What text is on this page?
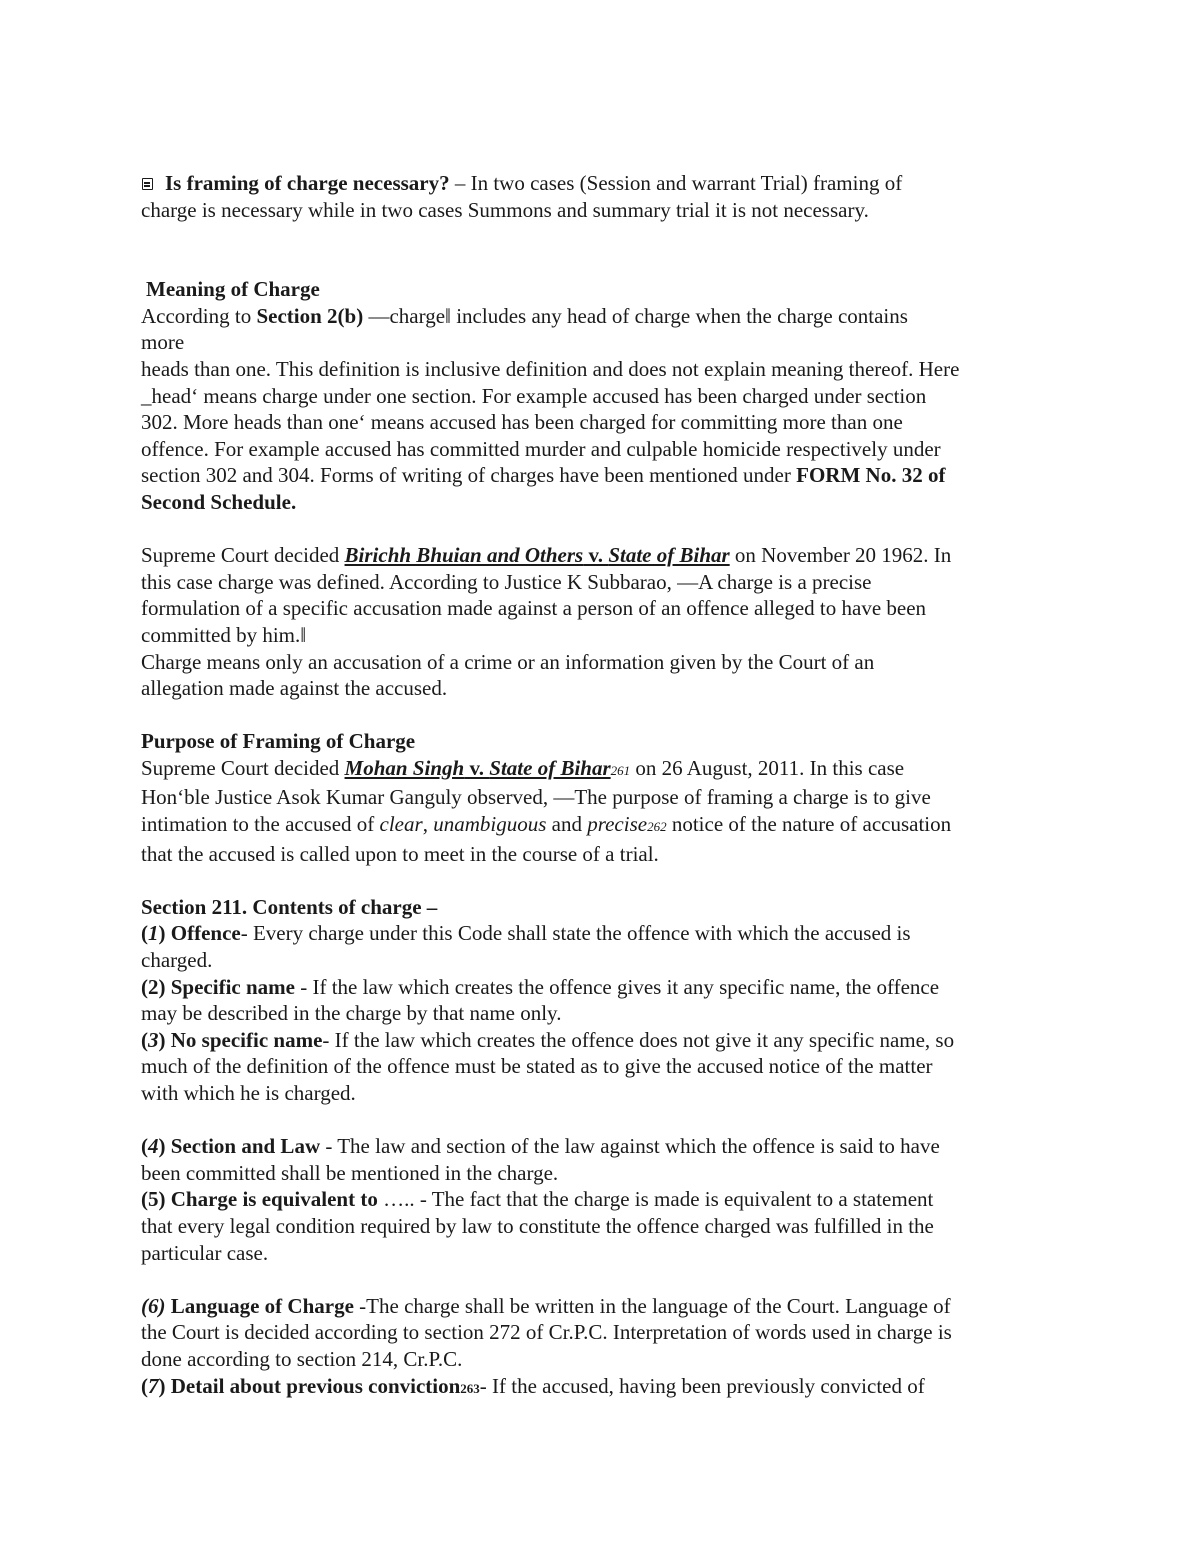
Is framing of charge necessary? – In two cases (Session and warrant Trial) framing of
charge is necessary while in two cases Summons and summary trial it is not necessary.

Meaning of Charge

According to Section 2(b) —charge‖ includes any head of charge when the charge contains
more
heads than one. This definition is inclusive definition and does not explain meaning thereof. Here
_head‘ means charge under one section. For example accused has been charged under section
302. More heads than one‘ means accused has been charged for committing more than one
offence. For example accused has committed murder and culpable homicide respectively under
section 302 and 304. Forms of writing of charges have been mentioned under FORM No. 32 of
Second Schedule.

Supreme Court decided Birichh Bhuian and Others v. State of Bihar on November 20 1962. In
this case charge was defined. According to Justice K Subbarao, —A charge is a precise
formulation of a specific accusation made against a person of an offence alleged to have been
committed by him.‖
Charge means only an accusation of a crime or an information given by the Court of an
allegation made against the accused.

Purpose of Framing of Charge

Supreme Court decided Mohan Singh v. State of Bihar261 on 26 August, 2011. In this case
Hon‘ble Justice Asok Kumar Ganguly observed, —The purpose of framing a charge is to give
intimation to the accused of clear, unambiguous and precise262 notice of the nature of accusation
that the accused is called upon to meet in the course of a trial.

Section 211. Contents of charge –

(1) Offence- Every charge under this Code shall state the offence with which the accused is
charged.

(2) Specific name - If the law which creates the offence gives it any specific name, the offence
may be described in the charge by that name only.

(3) No specific name- If the law which creates the offence does not give it any specific name, so
much of the definition of the offence must be stated as to give the accused notice of the matter
with which he is charged.

(4) Section and Law - The law and section of the law against which the offence is said to have
been committed shall be mentioned in the charge.

(5) Charge is equivalent to ….. - The fact that the charge is made is equivalent to a statement
that every legal condition required by law to constitute the offence charged was fulfilled in the
particular case.

(6) Language of Charge -The charge shall be written in the language of the Court. Language of
the Court is decided according to section 272 of Cr.P.C. Interpretation of words used in charge is
done according to section 214, Cr.P.C.

(7) Detail about previous conviction263- If the accused, having been previously convicted of
